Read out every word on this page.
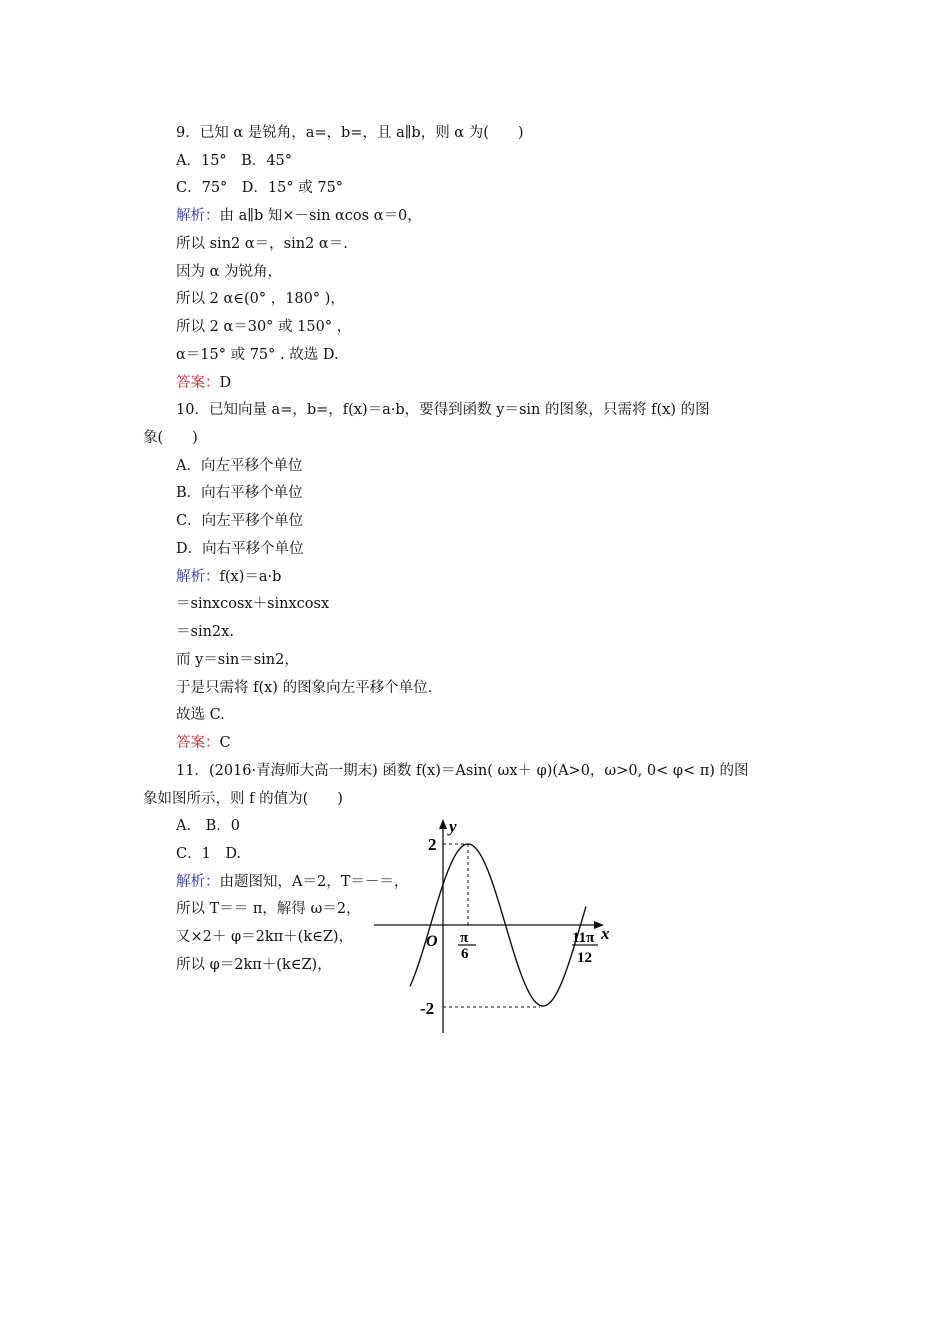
9．已知 α 是锐角，a=，b=，且 a∥b，则 α 为(　　)
A．15°　B．45°
C．75°　D．15° 或 75°
解析：由 a∥b 知×－sin αcos α＝0，
所以 sin2 α＝，sin2 α＝.
因为 α 为锐角，
所以 2 α∈(0° ，180° )，
所以 2 α＝30° 或 150° ，
α＝15° 或 75° . 故选 D.
答案：D
10．已知向量 a=，b=，f(x)＝a·b，要得到函数 y＝sin 的图象，只需将 f(x) 的图
象(　　)
A．向左平移个单位
B．向右平移个单位
C．向左平移个单位
D．向右平移个单位
解析：f(x)＝a·b
＝sinxcosx＋sinxcosx
＝sin2x.
而 y＝sin＝sin2，
于是只需将 f(x) 的图象向左平移个单位.
故选 C.
答案：C
11．(2016·青海师大高一期末) 函数 f(x)＝Asin( ωx＋ φ)(A>0，ω>0, 0< φ< π) 的图
象如图所示，则 f 的值为(　　)
A.　B．0
C．1　D.
解析：由题图知，A＝2，T＝－＝，
所以 T＝＝ π，解得 ω＝2，
又×2＋ φ＝2kπ＋(k∈Z)，
所以 φ＝2kπ＋(k∈Z)，
y
x
O
2
-2
π
6
11π
12
